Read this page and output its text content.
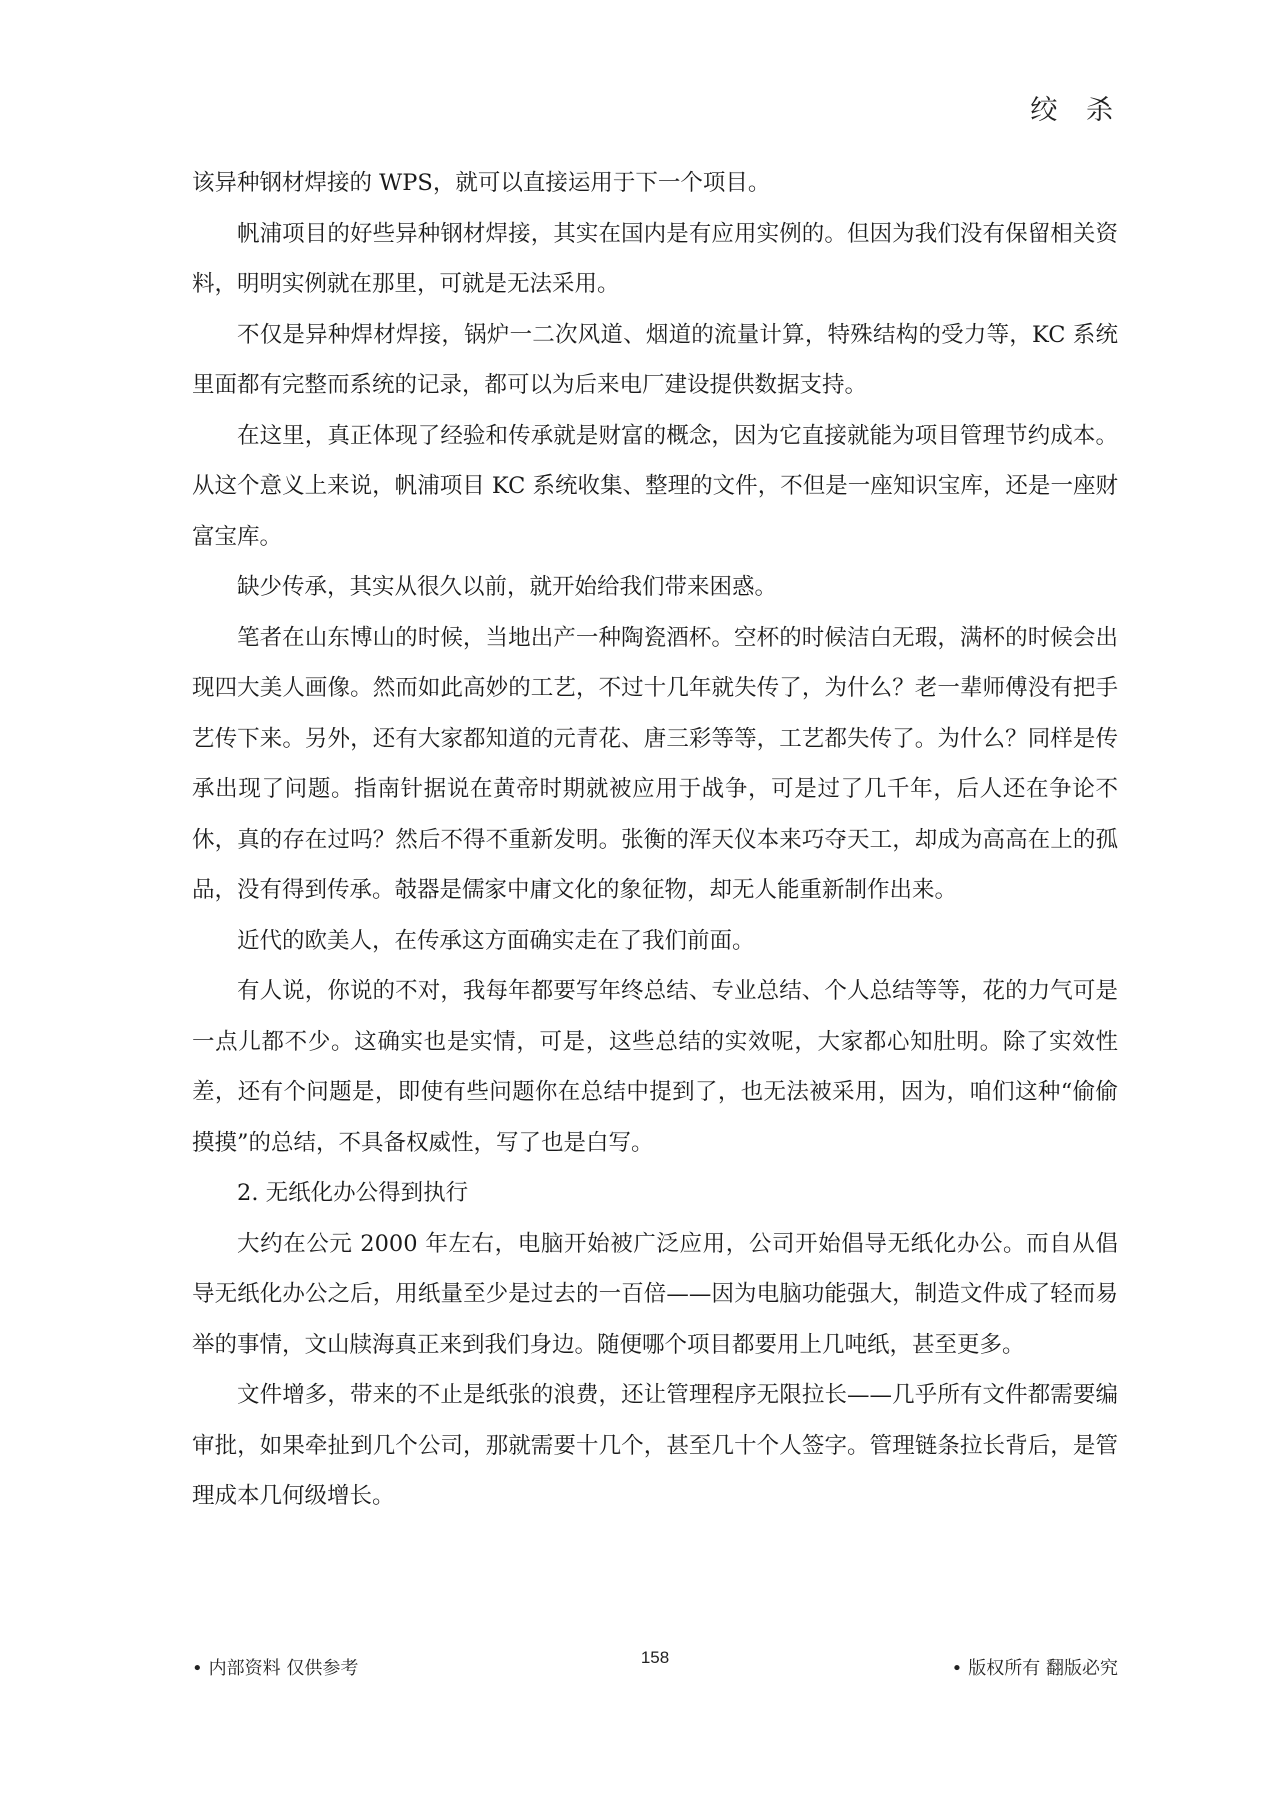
绞 杀

该异种钢材焊接的 WPS，就可以直接运用于下一个项目。

帆浦项目的好些异种钢材焊接，其实在国内是有应用实例的。但因为我们没有保留相关资料，明明实例就在那里，可就是无法采用。

不仅是异种焊材焊接，锅炉一二次风道、烟道的流量计算，特殊结构的受力等，KC 系统里面都有完整而系统的记录，都可以为后来电厂建设提供数据支持。

在这里，真正体现了经验和传承就是财富的概念，因为它直接就能为项目管理节约成本。从这个意义上来说，帆浦项目 KC 系统收集、整理的文件，不但是一座知识宝库，还是一座财富宝库。

缺少传承，其实从很久以前，就开始给我们带来困惑。

笔者在山东博山的时候，当地出产一种陶瓷酒杯。空杯的时候洁白无瑕，满杯的时候会出现四大美人画像。然而如此高妙的工艺，不过十几年就失传了，为什么？老一辈师傅没有把手艺传下来。另外，还有大家都知道的元青花、唐三彩等等，工艺都失传了。为什么？同样是传承出现了问题。指南针据说在黄帝时期就被应用于战争，可是过了几千年，后人还在争论不休，真的存在过吗？然后不得不重新发明。张衡的浑天仪本来巧夺天工，却成为高高在上的孤品，没有得到传承。攲器是儒家中庸文化的象征物，却无人能重新制作出来。

近代的欧美人，在传承这方面确实走在了我们前面。

有人说，你说的不对，我每年都要写年终总结、专业总结、个人总结等等，花的力气可是一点儿都不少。这确实也是实情，可是，这些总结的实效呢，大家都心知肚明。除了实效性差，还有个问题是，即使有些问题你在总结中提到了，也无法被采用，因为，咱们这种“偷偷摸摸”的总结，不具备权威性，写了也是白写。

2. 无纸化办公得到执行

大约在公元 2000 年左右，电脑开始被广泛应用，公司开始倡导无纸化办公。而自从倡导无纸化办公之后，用纸量至少是过去的一百倍——因为电脑功能强大，制造文件成了轻而易举的事情，文山牍海真正来到我们身边。随便哪个项目都要用上几吨纸，甚至更多。

文件增多，带来的不止是纸张的浪费，还让管理程序无限拉长——几乎所有文件都需要编审批，如果牵扯到几个公司，那就需要十几个，甚至几十个人签字。管理链条拉长背后，是管理成本几何级增长。

• 内部资料 仅供参考
158
• 版权所有 翻版必究
